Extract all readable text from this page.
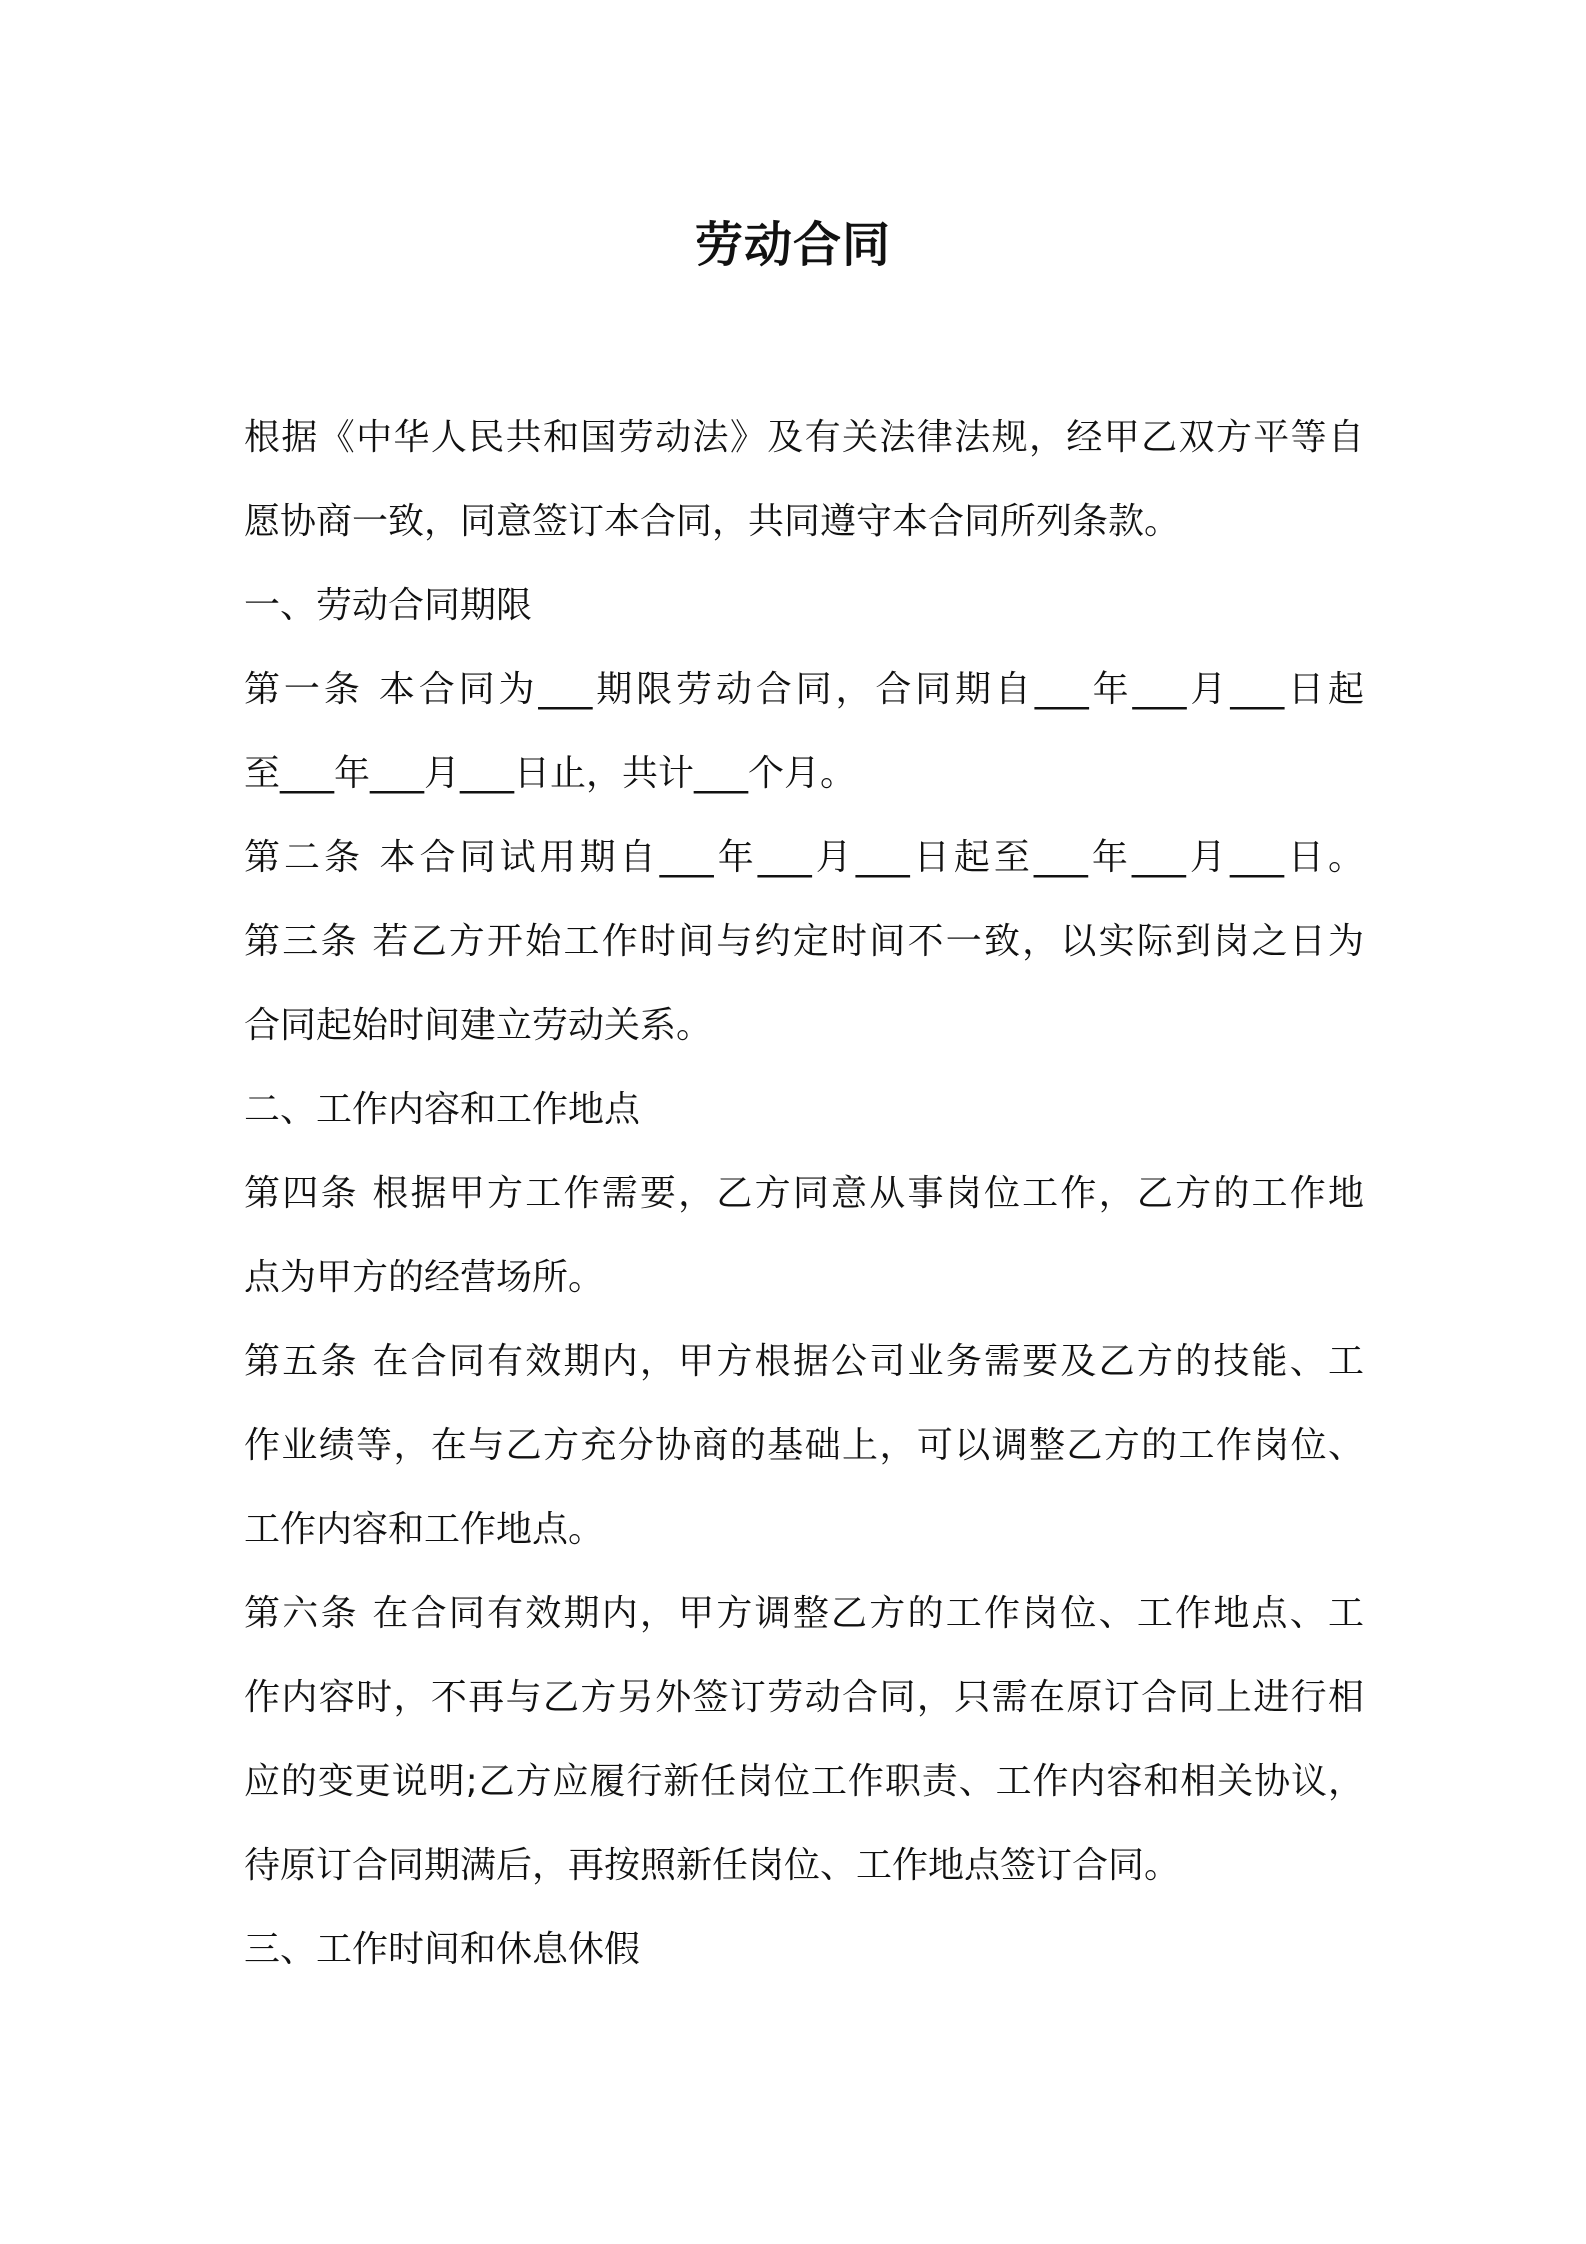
劳动合同
根据《中华人民共和国劳动法》及有关法律法规，经甲乙双方平等自
愿协商一致，同意签订本合同，共同遵守本合同所列条款。
一、劳动合同期限
第一条 本合同为___期限劳动合同，合同期自___年___月___日起
至___年___月___日止，共计___个月。
第二条 本合同试用期自___年___月___日起至___年___月___日。
第三条 若乙方开始工作时间与约定时间不一致，以实际到岗之日为
合同起始时间建立劳动关系。
二、工作内容和工作地点
第四条 根据甲方工作需要，乙方同意从事岗位工作，乙方的工作地
点为甲方的经营场所。
第五条 在合同有效期内，甲方根据公司业务需要及乙方的技能、工
作业绩等，在与乙方充分协商的基础上，可以调整乙方的工作岗位、
工作内容和工作地点。
第六条 在合同有效期内，甲方调整乙方的工作岗位、工作地点、工
作内容时，不再与乙方另外签订劳动合同，只需在原订合同上进行相
应的变更说明;乙方应履行新任岗位工作职责、工作内容和相关协议，
待原订合同期满后，再按照新任岗位、工作地点签订合同。
三、工作时间和休息休假
